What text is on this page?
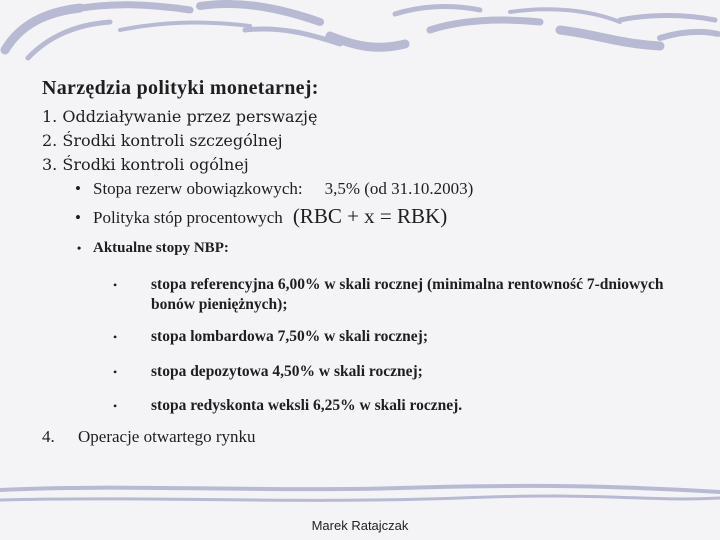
Narzędzia polityki monetarnej:
1. Oddziaływanie przez perswazję
2. Środki kontroli szczególnej
3. Środki kontroli ogólnej
• Stopa rezerw obowiązkowych: 3,5% (od 31.10.2003)
• Polityka stóp procentowych (RBC + x = RBK)
• Aktualne stopy NBP:
• stopa referencyjna 6,00% w skali rocznej (minimalna rentowność 7-dniowych bonów pieniężnych);
• stopa lombardowa 7,50% w skali rocznej;
• stopa depozytowa 4,50% w skali rocznej;
• stopa redyskonta weksli 6,25% w skali rocznej.
4. Operacje otwartego rynku
Marek Ratajczak
